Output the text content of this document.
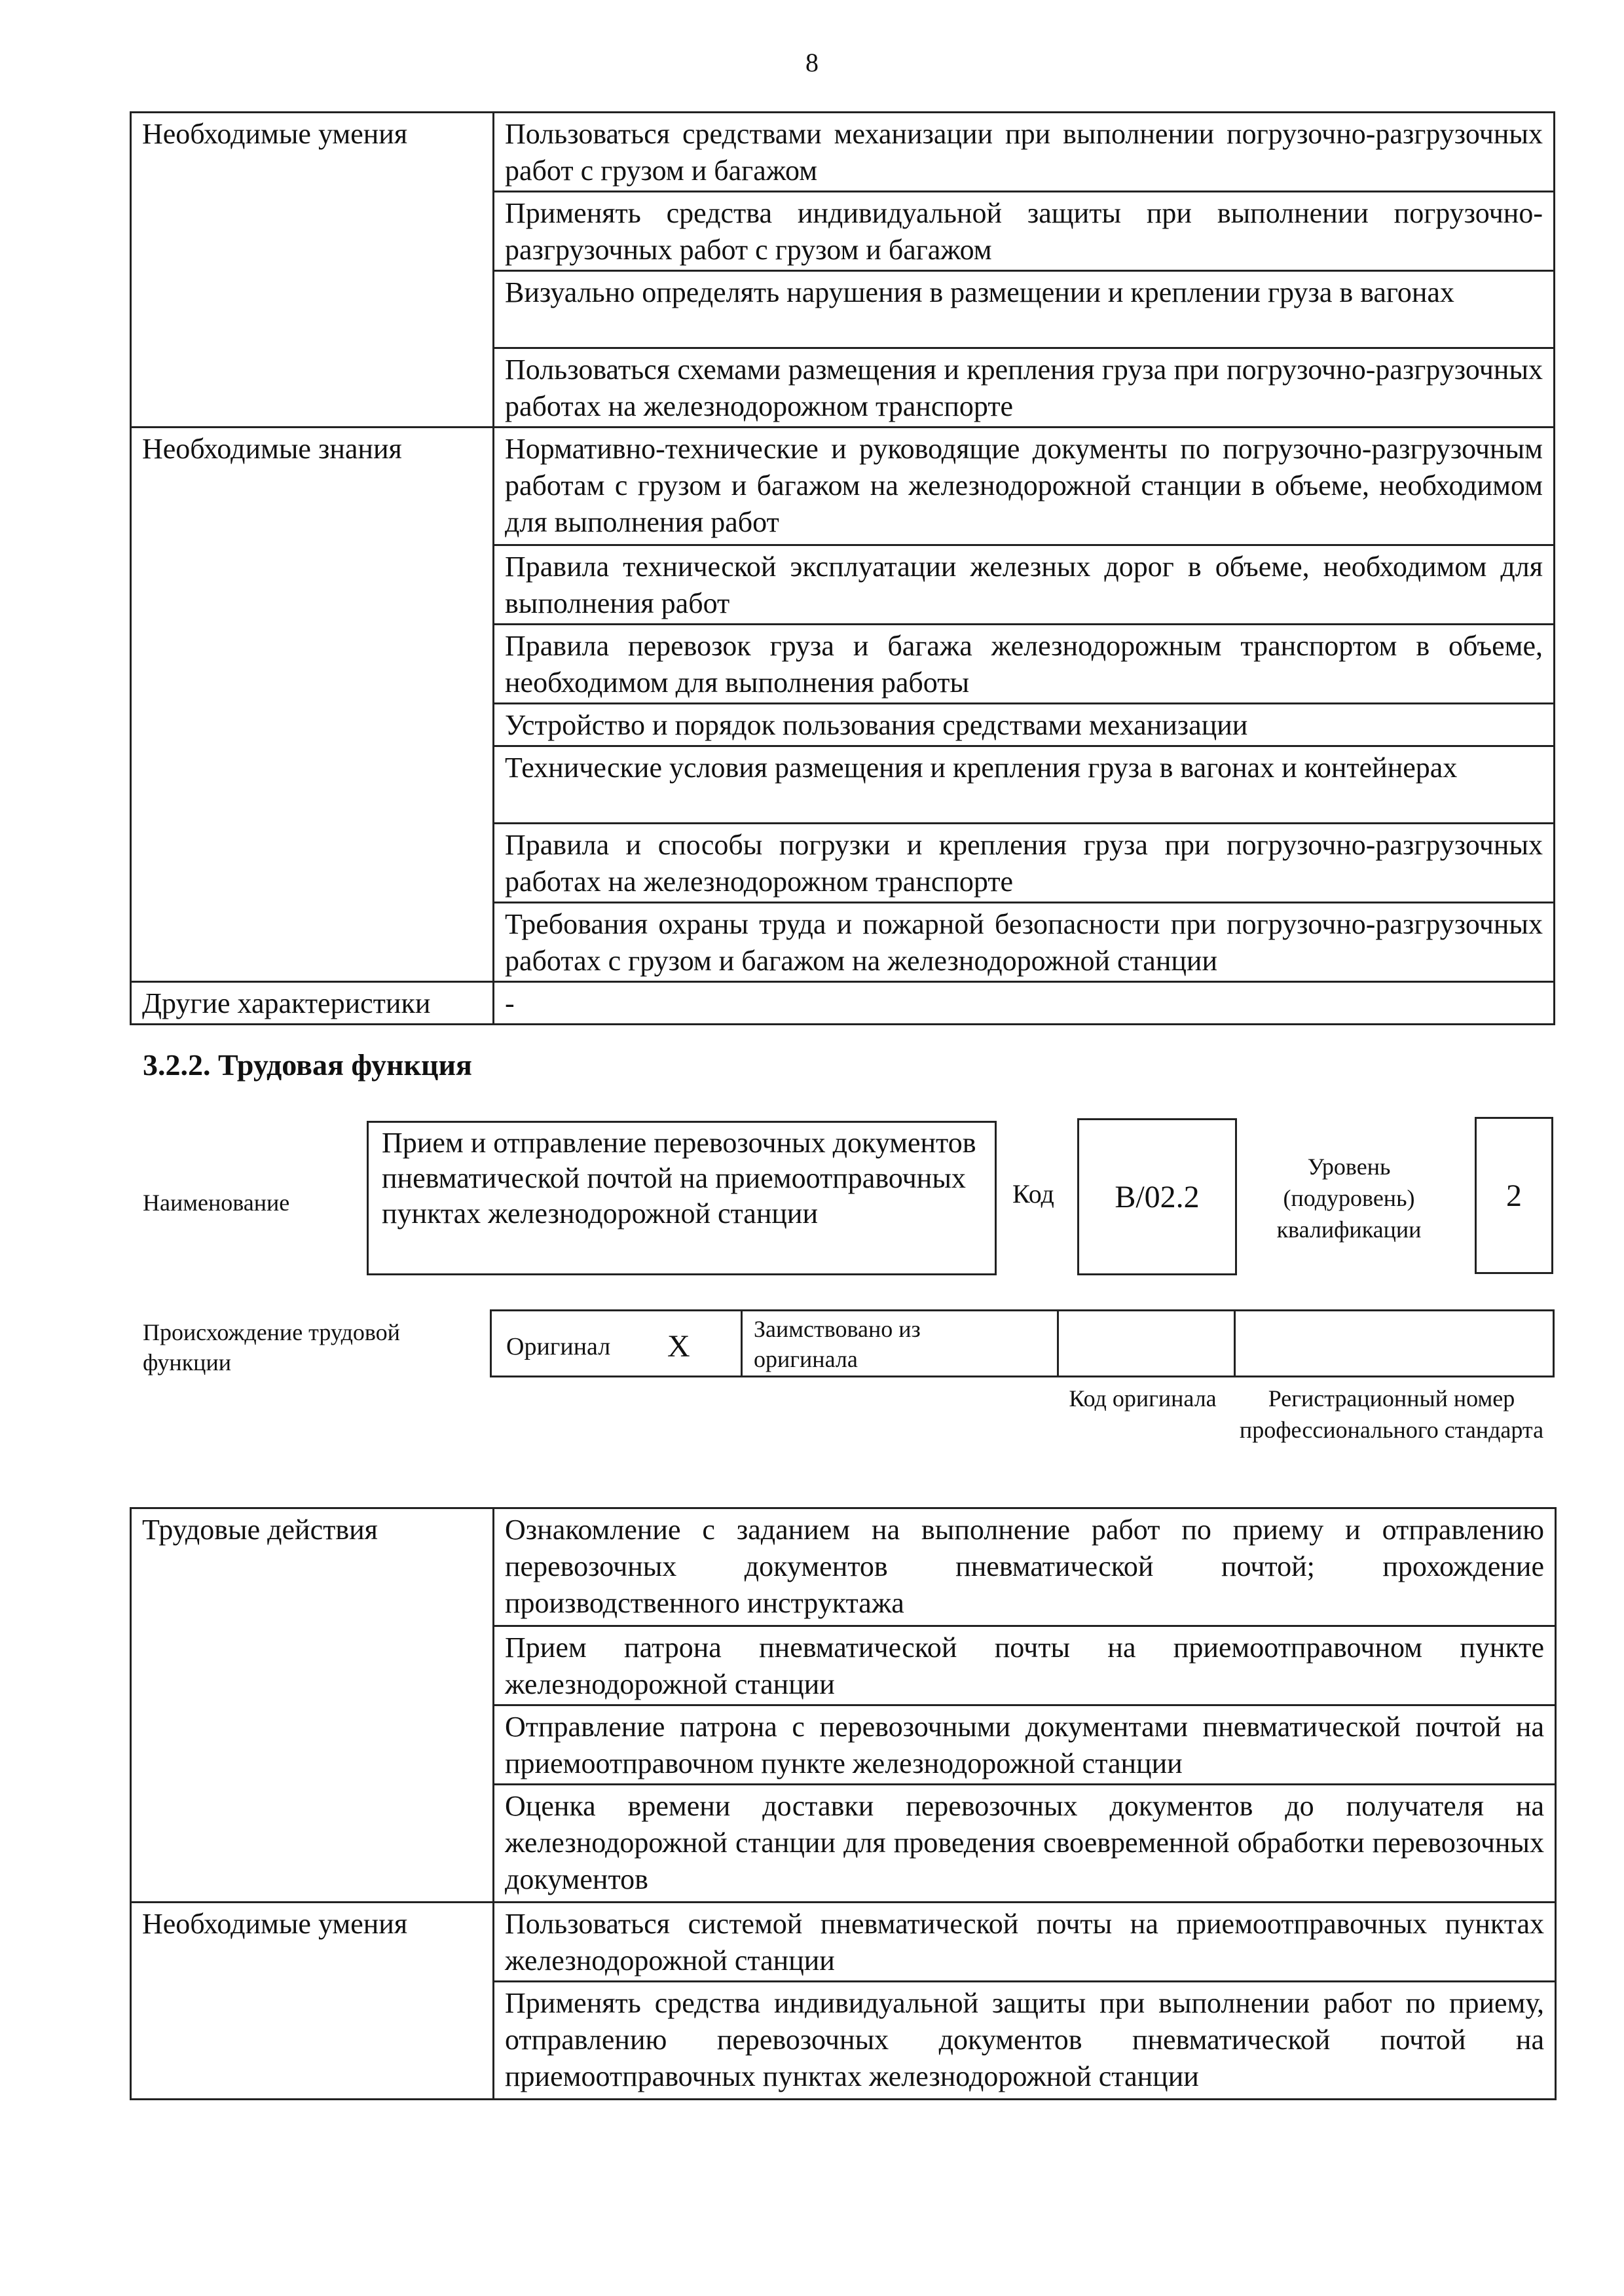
8
Необходимые умения	Пользоваться средствами механизации при выполнении погрузочно-разгрузочных работ с грузом и багажом
	Применять средства индивидуальной защиты при выполнении погрузочно-разгрузочных работ с грузом и багажом
	Визуально определять нарушения в размещении и креплении груза в вагонах
	Пользоваться схемами размещения и крепления груза при погрузочно-разгрузочных работах на железнодорожном транспорте
Необходимые знания	Нормативно-технические и руководящие документы по погрузочно-разгрузочным работам с грузом и багажом на железнодорожной станции в объеме, необходимом для выполнения работ
	Правила технической эксплуатации железных дорог в объеме, необходимом для выполнения работ
	Правила перевозок груза и багажа железнодорожным транспортом в объеме, необходимом для выполнения работы
	Устройство и порядок пользования средствами механизации
	Технические условия размещения и крепления груза в вагонах и контейнерах
	Правила и способы погрузки и крепления груза при погрузочно-разгрузочных работах на железнодорожном транспорте
	Требования охраны труда и пожарной безопасности при погрузочно-разгрузочных работах с грузом и багажом на железнодорожной станции
Другие характеристики	-
3.2.2. Трудовая функция
Наименование
Прием и отправление перевозочных документов пневматической почтой на приемоотправочных пунктах железнодорожной станции
Код B/02.2
Уровень (подуровень) квалификации
2
Происхождение трудовой функции
Оригинал X	Заимствовано из оригинала
Код оригинала	Регистрационный номер профессионального стандарта
Трудовые действия	Ознакомление с заданием на выполнение работ по приему и отправлению перевозочных документов пневматической почтой; прохождение производственного инструктажа
	Прием патрона пневматической почты на приемоотправочном пункте железнодорожной станции
	Отправление патрона с перевозочными документами пневматической почтой на приемоотправочном пункте железнодорожной станции
	Оценка времени доставки перевозочных документов до получателя на железнодорожной станции для проведения своевременной обработки перевозочных документов
Необходимые умения	Пользоваться системой пневматической почты на приемоотправочных пунктах железнодорожной станции
	Применять средства индивидуальной защиты при выполнении работ по приему, отправлению перевозочных документов пневматической почтой на приемоотправочных пунктах железнодорожной станции
